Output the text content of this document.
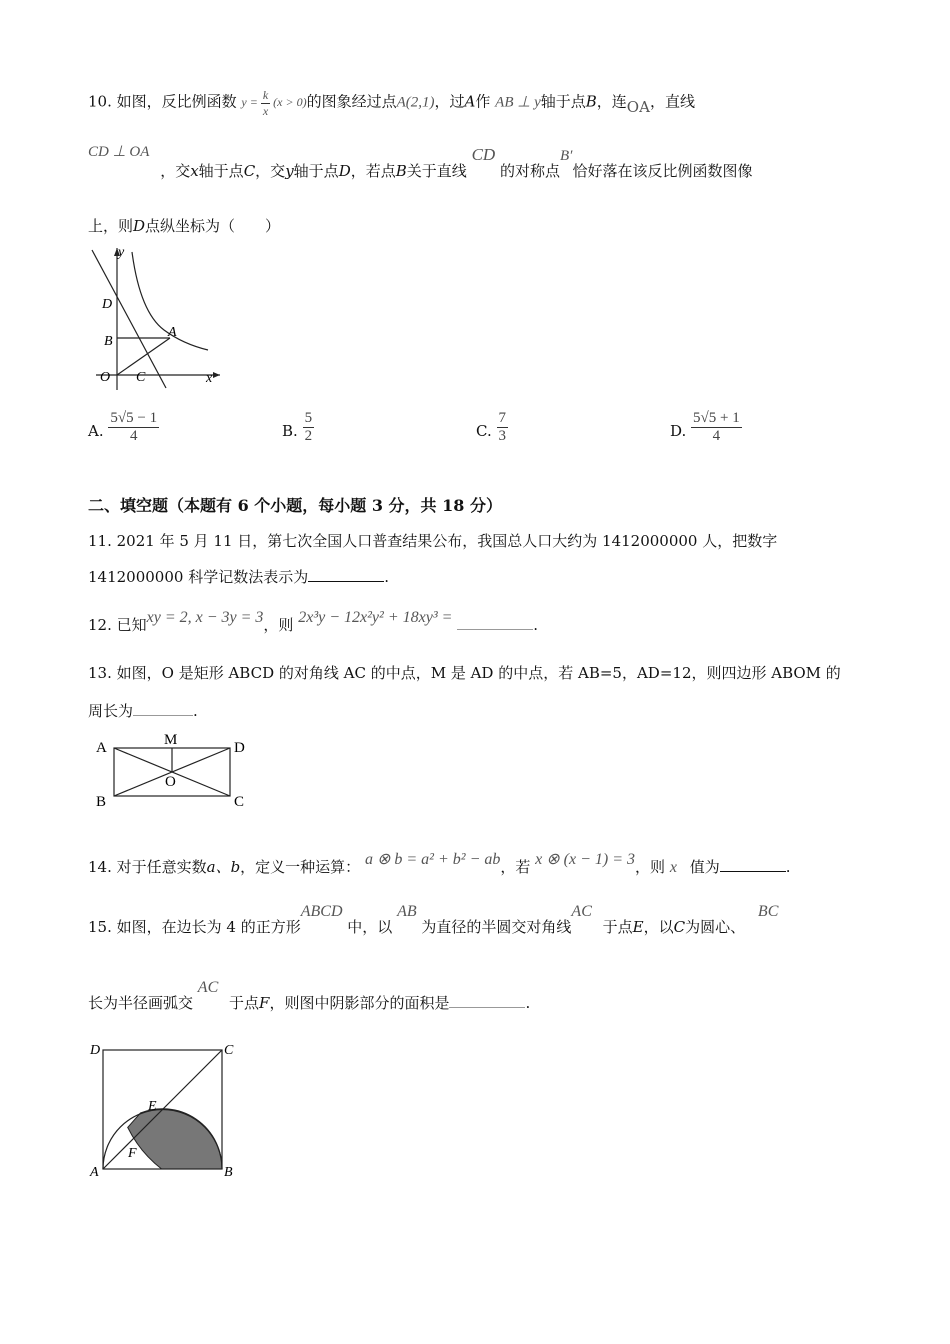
10. 如图，反比例函数 $y = \frac{k}{x} (x > 0)$的图象经过点A(2,1)，过A作 AB ⊥ y轴于点B，连OA，直线
CD ⊥ OA ，交x轴于点C，交y轴于点D，若点B关于直线 CD 的对称点B′恰好落在该反比例函数图像
上，则D点纵坐标为（　　）
y
D
B
A
O C	x
A. $\frac{5√5 - 1}{4}$	B. $\frac{5}{2}$	C. $\frac{7}{3}$	D. $\frac{5√5 + 1}{4}$
二、填空题（本题有 6 个小题，每小题 3 分，共 18 分）
11. 2021 年 5 月 11 日，第七次全国人口普查结果公布，我国总人口大约为 1412000000 人，把数字
1412000000 科学记数法表示为	.
12. 已知xy = 2, x − 3y = 3，则 2x³y − 12x²y² + 18xy³ =	.
13. 如图，O 是矩形 ABCD 的对角线 AC 的中点，M 是 AD 的中点，若 AB=5，AD=12，则四边形 ABOM 的
周长为	.
A	M	D
O
B	C
14. 对于任意实数a、b，定义一种运算： a ⊗ b = a² + b² − ab，若 x ⊗ (x − 1) = 3，则 x 值为	.
15. 如图，在边长为 4 的正方形ABCD 中，以 AB 为直径的半圆交对角线AC 于点E，以C为圆心、 BC
长为半径画弧交 AC 于点F，则图中阴影部分的面积是	.
D	C
E
F
A	B
